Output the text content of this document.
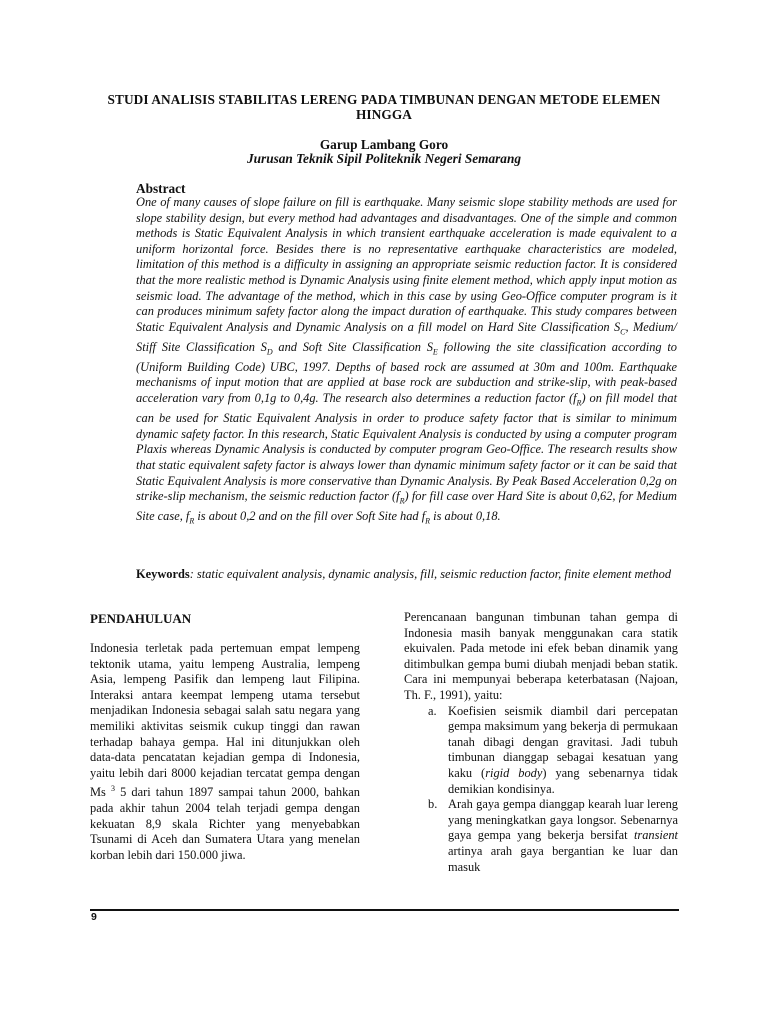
STUDI ANALISIS STABILITAS LERENG PADA TIMBUNAN DENGAN METODE ELEMEN HINGGA
Garup Lambang Goro
Jurusan Teknik Sipil Politeknik Negeri Semarang
Abstract

One of many causes of slope failure on fill is earthquake. Many seismic slope stability methods are used for slope stability design, but every method had advantages and disadvantages. One of the simple and common methods is Static Equivalent Analysis in which transient earthquake acceleration is made equivalent to a uniform horizontal force. Besides there is no representative earthquake characteristics are modeled, limitation of this method is a difficulty in assigning an appropriate seismic reduction factor. It is considered that the more realistic method is Dynamic Analysis using finite element method, which apply input motion as seismic load. The advantage of the method, which in this case by using Geo-Office computer program is it can produces minimum safety factor along the impact duration of earthquake. This study compares between Static Equivalent Analysis and Dynamic Analysis on a fill model on Hard Site Classification $S_C$, Medium/ Stiff Site Classification $S_D$ and Soft Site Classification $S_E$ following the site classification according to (Uniform Building Code) UBC, 1997. Depths of based rock are assumed at 30m and 100m. Earthquake mechanisms of input motion that are applied at base rock are subduction and strike-slip, with peak-based acceleration vary from 0,1g to 0,4g. The research also determines a reduction factor $(f_R)$ on fill model that can be used for Static Equivalent Analysis in order to produce safety factor that is similar to minimum dynamic safety factor. In this research, Static Equivalent Analysis is conducted by using a computer program Plaxis whereas Dynamic Analysis is conducted by computer program Geo-Office. The research results show that static equivalent safety factor is always lower than dynamic minimum safety factor or it can be said that Static Equivalent Analysis is more conservative than Dynamic Analysis. By Peak Based Acceleration 0,2g on strike-slip mechanism, the seismic reduction factor $(f_R)$ for fill case over Hard Site is about 0,62, for Medium Site case, $f_R$ is about 0,2 and on the fill over Soft Site had $f_R$ is about 0,18.

Keywords: static equivalent analysis, dynamic analysis, fill, seismic reduction factor, finite element method
PENDAHULUAN

Indonesia terletak pada pertemuan empat lempeng tektonik utama, yaitu lempeng Australia, lempeng Asia, lempeng Pasifik dan lempeng laut Filipina. Interaksi antara keempat lempeng utama tersebut menjadikan Indonesia sebagai salah satu negara yang memiliki aktivitas seismik cukup tinggi dan rawan terhadap bahaya gempa. Hal ini ditunjukkan oleh data-data pencatatan kejadian gempa di Indonesia, yaitu lebih dari 8000 kejadian tercatat gempa dengan Ms $^3$ 5 dari tahun 1897 sampai tahun 2000, bahkan pada akhir tahun 2004 telah terjadi gempa dengan kekuatan 8,9 skala Richter yang menyebabkan Tsunami di Aceh dan Sumatera Utara yang menelan korban lebih dari 150.000 jiwa.

Perencanaan bangunan timbunan tahan gempa di Indonesia masih banyak menggunakan cara statik ekuivalen. Pada metode ini efek beban dinamik yang ditimbulkan gempa bumi diubah menjadi beban statik. Cara ini mempunyai beberapa keterbatasan (Najoan, Th. F., 1991), yaitu:

a. Koefisien seismik diambil dari percepatan gempa maksimum yang bekerja di permukaan tanah dibagi dengan gravitasi. Jadi tubuh timbunan dianggap sebagai kesatuan yang kaku (rigid body) yang sebenarnya tidak demikian kondisinya.
b. Arah gaya gempa dianggap kearah luar lereng yang meningkatkan gaya longsor. Sebenarnya gaya gempa yang bekerja bersifat transient artinya arah gaya bergantian ke luar dan masuk
9
